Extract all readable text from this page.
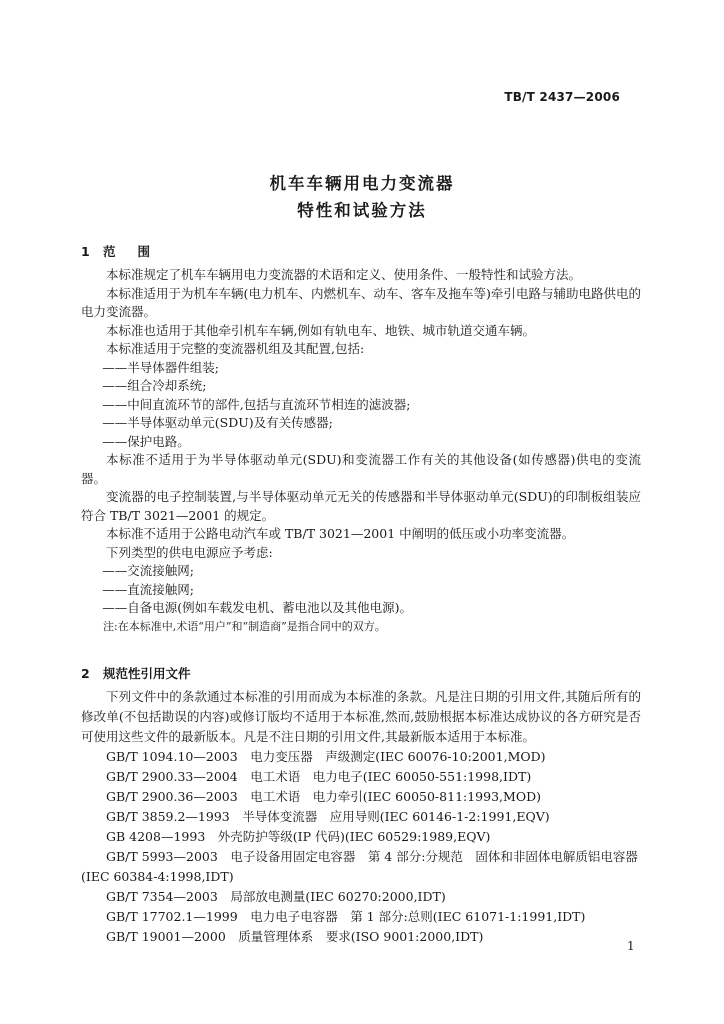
TB/T 2437—2006
机车车辆用电力变流器
特性和试验方法
1 范围

本标准规定了机车车辆用电力变流器的术语和定义、使用条件、一般特性和试验方法。

本标准适用于为机车车辆(电力机车、内燃机车、动车、客车及拖车等)牵引电路与辅助电路供电的电力变流器。

本标准也适用于其他牵引机车车辆,例如有轨电车、地铁、城市轨道交通车辆。

本标准适用于完整的变流器机组及其配置,包括:

——半导体器件组装;

——组合冷却系统;

——中间直流环节的部件,包括与直流环节相连的滤波器;

——半导体驱动单元(SDU)及有关传感器;

——保护电路。

本标准不适用于为半导体驱动单元(SDU)和变流器工作有关的其他设备(如传感器)供电的变流器。

变流器的电子控制装置,与半导体驱动单元无关的传感器和半导体驱动单元(SDU)的印制板组装应符合 TB/T 3021—2001 的规定。

本标准不适用于公路电动汽车或 TB/T 3021—2001 中阐明的低压或小功率变流器。

下列类型的供电电源应予考虑:

——交流接触网;

——直流接触网;

——自备电源(例如车载发电机、蓄电池以及其他电源)。

注:在本标准中,术语“用户”和“制造商”是指合同中的双方。

2 规范性引用文件

下列文件中的条款通过本标准的引用而成为本标准的条款。凡是注日期的引用文件,其随后所有的修改单(不包括勘误的内容)或修订版均不适用于本标准,然而,鼓励根据本标准达成协议的各方研究是否可使用这些文件的最新版本。凡是不注日期的引用文件,其最新版本适用于本标准。

GB/T 1094.10—2003　电力变压器　声级测定(IEC 60076-10:2001,MOD)

GB/T 2900.33—2004　电工术语　电力电子(IEC 60050-551:1998,IDT)

GB/T 2900.36—2003　电工术语　电力牵引(IEC 60050-811:1993,MOD)

GB/T 3859.2—1993　半导体变流器　应用导则(IEC 60146-1-2:1991,EQV)

GB 4208—1993　外壳防护等级(IP 代码)(IEC 60529:1989,EQV)

GB/T 5993—2003　电子设备用固定电容器　第 4 部分:分规范　固体和非固体电解质铝电容器(IEC 60384-4:1998,IDT)

GB/T 7354—2003　局部放电测量(IEC 60270:2000,IDT)

GB/T 17702.1—1999　电力电子电容器　第 1 部分:总则(IEC 61071-1:1991,IDT)

GB/T 19001—2000　质量管理体系　要求(ISO 9001:2000,IDT)

1
